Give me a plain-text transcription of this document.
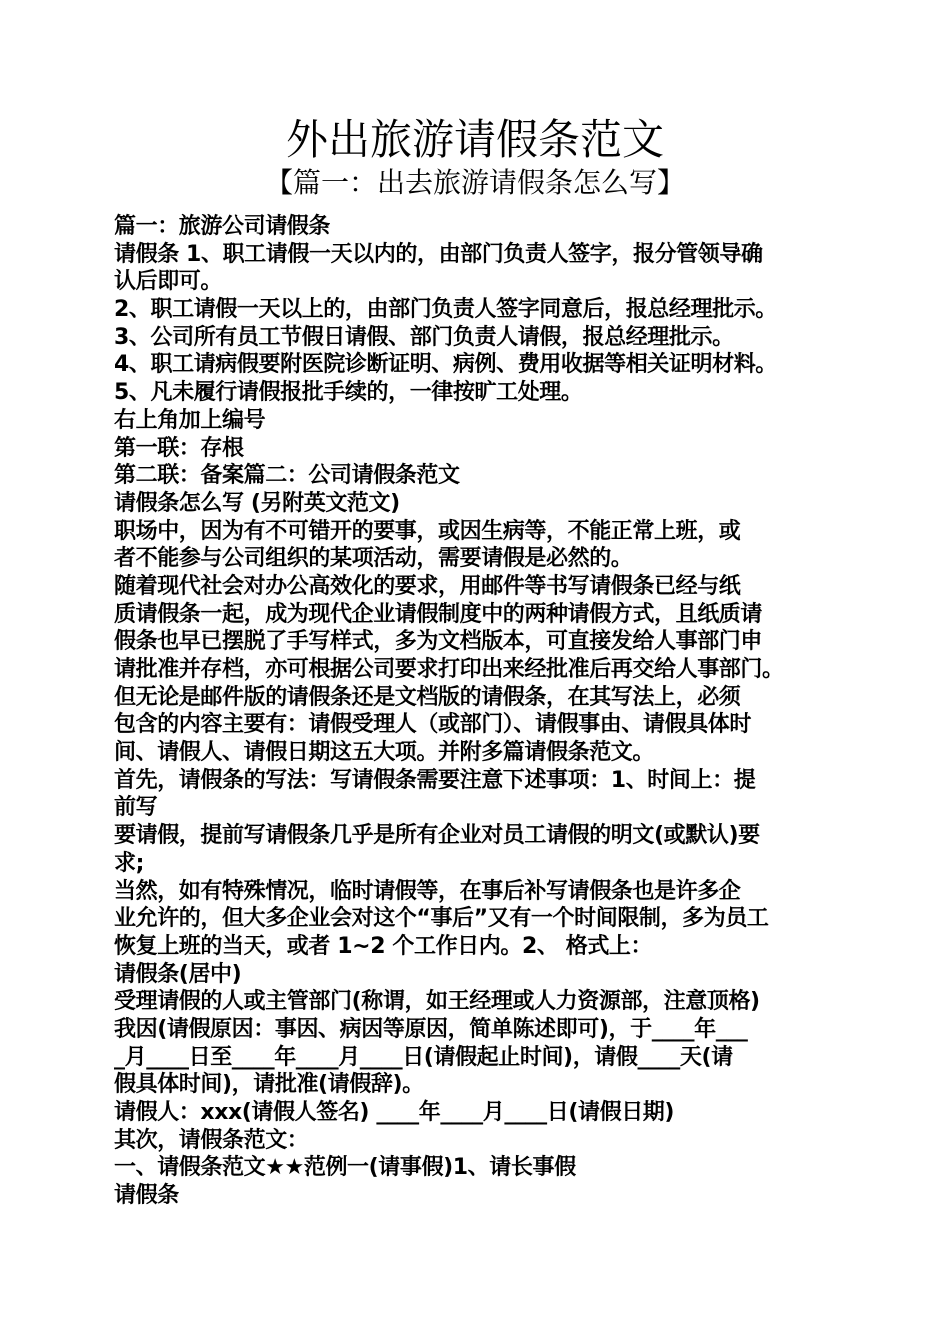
外出旅游请假条范文
【篇一：出去旅游请假条怎么写】
篇一：旅游公司请假条
请假条 1、职工请假一天以内的，由部门负责人签字，报分管领导确
认后即可。
2、职工请假一天以上的，由部门负责人签字同意后，报总经理批示。
3、公司所有员工节假日请假、部门负责人请假，报总经理批示。
4、职工请病假要附医院诊断证明、病例、费用收据等相关证明材料。
5、凡未履行请假报批手续的，一律按旷工处理。
右上角加上编号
第一联：存根
第二联：备案篇二：公司请假条范文
请假条怎么写 (另附英文范文)
职场中，因为有不可错开的要事，或因生病等，不能正常上班，或
者不能参与公司组织的某项活动，需要请假是必然的。
随着现代社会对办公高效化的要求，用邮件等书写请假条已经与纸
质请假条一起，成为现代企业请假制度中的两种请假方式，且纸质请
假条也早已摆脱了手写样式，多为文档版本，可直接发给人事部门申
请批准并存档，亦可根据公司要求打印出来经批准后再交给人事部门。
但无论是邮件版的请假条还是文档版的请假条，在其写法上，必须
包含的内容主要有：请假受理人（或部门）、请假事由、请假具体时
间、请假人、请假日期这五大项。并附多篇请假条范文。
首先，请假条的写法：写请假条需要注意下述事项：1、时间上：提
前写
要请假，提前写请假条几乎是所有企业对员工请假的明文(或默认)要
求;
当然，如有特殊情况，临时请假等，在事后补写请假条也是许多企
业允许的，但大多企业会对这个“事后”又有一个时间限制，多为员工
恢复上班的当天，或者 1~2 个工作日内。2、 格式上：
请假条(居中)
受理请假的人或主管部门(称谓，如王经理或人力资源部，注意顶格)
我因(请假原因：事因、病因等原因，简单陈述即可)，于____年___
_月____日至____年____月____日(请假起止时间)，请假____天(请
假具体时间)，请批准(请假辞)。
请假人：xxx(请假人签名) ____年____月____日(请假日期)
其次，请假条范文：
一、请假条范文★★范例一(请事假)1、请长事假
请假条
